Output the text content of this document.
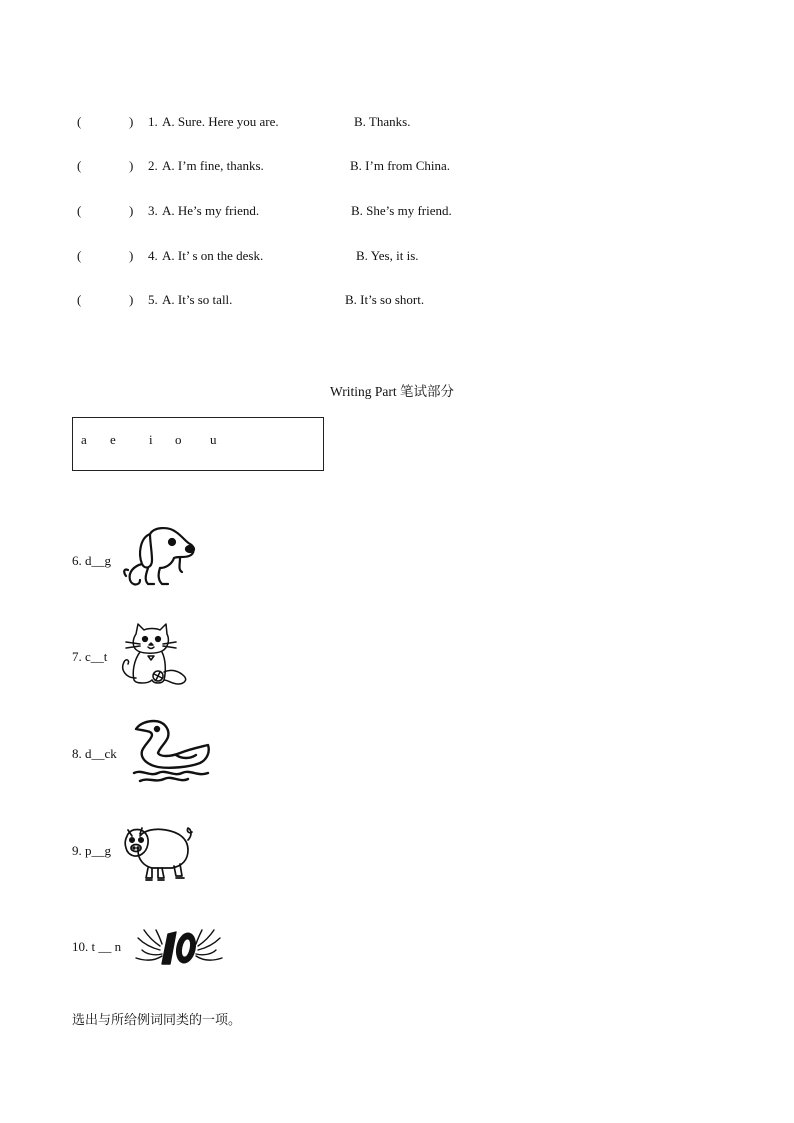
(	) 1. A. Sure. Here you are.	B. Thanks.
(	) 2. A. I’m fine, thanks.	B. I’m from China.
(	) 3. A. He’s my friend.	B. She’s my friend.
(	) 4. A. It’ s on the desk.	B. Yes, it is.
(	) 5. A. It’s so tall.	B. It’s so short.
Writing Part 笔试部分
a e	i o u
6. d__g
7. c__t
8. d__ck
9. p__g
10. t __ n
选出与所给例词同类的一项。
